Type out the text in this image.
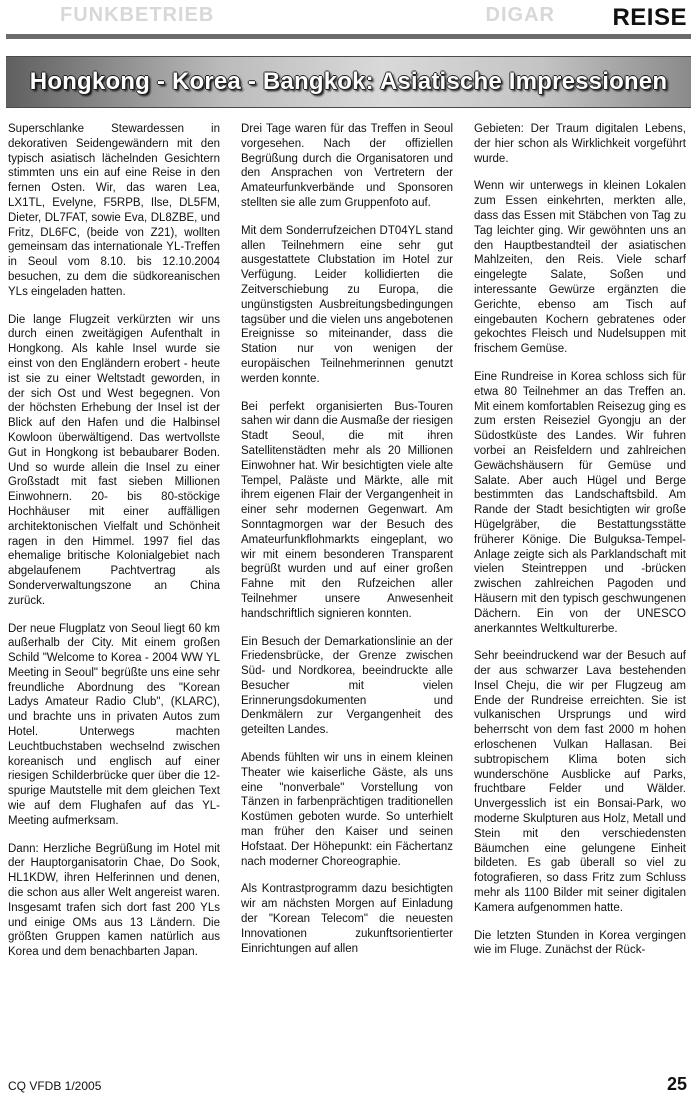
FUNKBETRIEB	DIGAR REISE
Hongkong - Korea - Bangkok: Asiatische Impressionen

Superschlanke Stewardessen in dekorativen Seidengewändern mit den typisch asiatisch lächelnden Gesichtern stimmten uns ein auf eine Reise in den fernen Osten. Wir, das waren Lea, LX1TL, Evelyne, F5RPB, Ilse, DL5FM, Dieter, DL7FAT, sowie Eva, DL8ZBE, und Fritz, DL6FC, (beide von Z21), wollten gemeinsam das internationale YL-Treffen in Seoul vom 8.10. bis 12.10.2004 besuchen, zu dem die südkoreanischen YLs eingeladen hatten.

Die lange Flugzeit verkürzten wir uns durch einen zweitägigen Aufenthalt in Hongkong. Als kahle Insel wurde sie einst von den Engländern erobert - heute ist sie zu einer Weltstadt geworden, in der sich Ost und West begegnen. Von der höchsten Erhebung der Insel ist der Blick auf den Hafen und die Halbinsel Kowloon überwältigend. Das wertvollste Gut in Hongkong ist bebaubarer Boden. Und so wurde allein die Insel zu einer Großstadt mit fast sieben Millionen Einwohnern. 20- bis 80-stöckige Hochhäuser mit einer auffälligen architektonischen Vielfalt und Schönheit ragen in den Himmel. 1997 fiel das ehemalige britische Kolonialgebiet nach abgelaufenem Pachtvertrag als Sonderverwaltungszone an China zurück.

Der neue Flugplatz von Seoul liegt 60 km außerhalb der City. Mit einem großen Schild "Welcome to Korea - 2004 WW YL Meeting in Seoul" begrüßte uns eine sehr freundliche Abordnung des "Korean Ladys Amateur Radio Club", (KLARC), und brachte uns in privaten Autos zum Hotel. Unterwegs machten Leuchtbuchstaben wechselnd zwischen koreanisch und englisch auf einer riesigen Schilderbrücke quer über die 12-spurige Mautstelle mit dem gleichen Text wie auf dem Flughafen auf das YL-Meeting aufmerksam.

Dann: Herzliche Begrüßung im Hotel mit der Hauptorganisatorin Chae, Do Sook, HL1KDW, ihren Helferinnen und denen, die schon aus aller Welt angereist waren. Insgesamt trafen sich dort fast 200 YLs und einige OMs aus 13 Ländern. Die größten Gruppen kamen natürlich aus Korea und dem benachbarten Japan.

Drei Tage waren für das Treffen in Seoul vorgesehen. Nach der offiziellen Begrüßung durch die Organisatoren und den Ansprachen von Vertretern der Amateurfunkverbände und Sponsoren stellten sie alle zum Gruppenfoto auf.

Mit dem Sonderrufzeichen DT04YL stand allen Teilnehmern eine sehr gut ausgestattete Clubstation im Hotel zur Verfügung. Leider kollidierten die Zeitverschiebung zu Europa, die ungünstigsten Ausbreitungsbedingungen tagsüber und die vielen uns angebotenen Ereignisse so miteinander, dass die Station nur von wenigen der europäischen Teilnehmerinnen genutzt werden konnte.

Bei perfekt organisierten Bus-Touren sahen wir dann die Ausmaße der riesigen Stadt Seoul, die mit ihren Satellitenstädten mehr als 20 Millionen Einwohner hat. Wir besichtigten viele alte Tempel, Paläste und Märkte, alle mit ihrem eigenen Flair der Vergangenheit in einer sehr modernen Gegenwart. Am Sonntagmorgen war der Besuch des Amateurfunkflohmarkts eingeplant, wo wir mit einem besonderen Transparent begrüßt wurden und auf einer großen Fahne mit den Rufzeichen aller Teilnehmer unsere Anwesenheit handschriftlich signieren konnten.

Ein Besuch der Demarkationslinie an der Friedensbrücke, der Grenze zwischen Süd- und Nordkorea, beeindruckte alle Besucher mit vielen Erinnerungsdokumenten und Denkmälern zur Vergangenheit des geteilten Landes.

Abends fühlten wir uns in einem kleinen Theater wie kaiserliche Gäste, als uns eine "nonverbale" Vorstellung von Tänzen in farbenprächtigen traditionellen Kostümen geboten wurde. So unterhielt man früher den Kaiser und seinen Hofstaat. Der Höhepunkt: ein Fächertanz nach moderner Choreographie.

Als Kontrastprogramm dazu besichtigten wir am nächsten Morgen auf Einladung der "Korean Telecom" die neuesten Innovationen zukunftsorientierter Einrichtungen auf allen

Gebieten: Der Traum digitalen Lebens, der hier schon als Wirklichkeit vorgeführt wurde.

Wenn wir unterwegs in kleinen Lokalen zum Essen einkehrten, merkten alle, dass das Essen mit Stäbchen von Tag zu Tag leichter ging. Wir gewöhnten uns an den Hauptbestandteil der asiatischen Mahlzeiten, den Reis. Viele scharf eingelegte Salate, Soßen und interessante Gewürze ergänzten die Gerichte, ebenso am Tisch auf eingebauten Kochern gebratenes oder gekochtes Fleisch und Nudelsuppen mit frischem Gemüse.

Eine Rundreise in Korea schloss sich für etwa 80 Teilnehmer an das Treffen an. Mit einem komfortablen Reisezug ging es zum ersten Reiseziel Gyongju an der Südostküste des Landes. Wir fuhren vorbei an Reisfeldern und zahlreichen Gewächshäusern für Gemüse und Salate. Aber auch Hügel und Berge bestimmten das Landschaftsbild. Am Rande der Stadt besichtigten wir große Hügelgräber, die Bestattungsstätte früherer Könige. Die Bulguksa-Tempel-Anlage zeigte sich als Parklandschaft mit vielen Steintreppen und -brücken zwischen zahlreichen Pagoden und Häusern mit den typisch geschwungenen Dächern. Ein von der UNESCO anerkanntes Weltkulturerbe.

Sehr beeindruckend war der Besuch auf der aus schwarzer Lava bestehenden Insel Cheju, die wir per Flugzeug am Ende der Rundreise erreichten. Sie ist vulkanischen Ursprungs und wird beherrscht von dem fast 2000 m hohen erloschenen Vulkan Hallasan. Bei subtropischem Klima boten sich wunderschöne Ausblicke auf Parks, fruchtbare Felder und Wälder. Unvergesslich ist ein Bonsai-Park, wo moderne Skulpturen aus Holz, Metall und Stein mit den verschiedensten Bäumchen eine gelungene Einheit bildeten. Es gab überall so viel zu fotografieren, so dass Fritz zum Schluss mehr als 1100 Bilder mit seiner digitalen Kamera aufgenommen hatte.

Die letzten Stunden in Korea vergingen wie im Fluge. Zunächst der Rück-

CQ VFDB 1/2005	25
